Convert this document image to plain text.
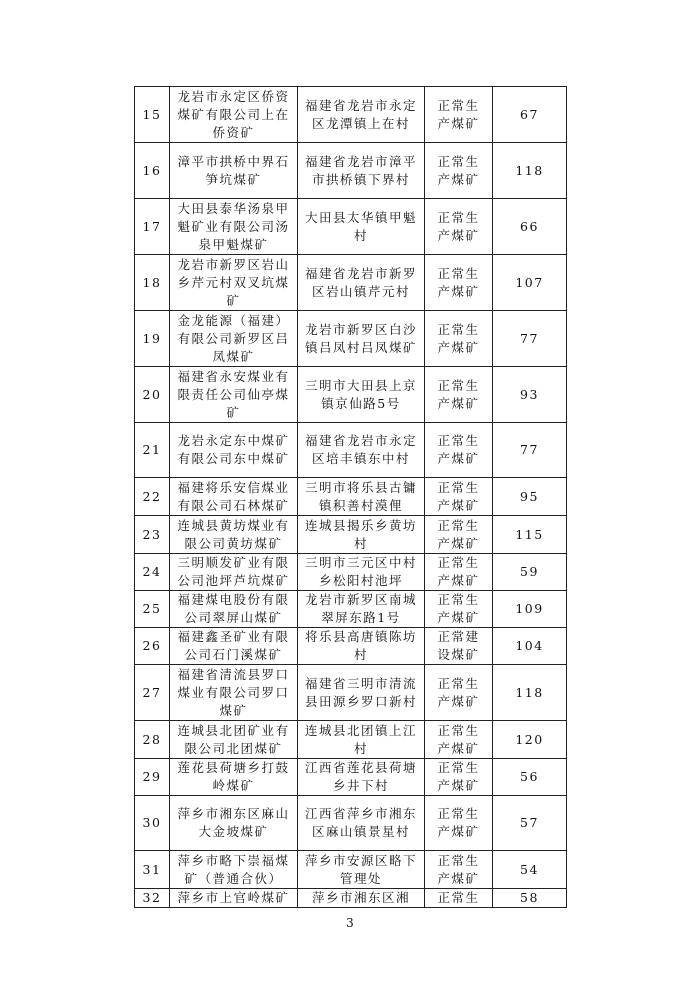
15	龙岩市永定区侨资煤矿有限公司上在侨资矿	福建省龙岩市永定区龙潭镇上在村	正常生产煤矿	67
16	漳平市拱桥中界石笋坑煤矿	福建省龙岩市漳平市拱桥镇下界村	正常生产煤矿	118
17	大田县泰华汤泉甲魁矿业有限公司汤泉甲魁煤矿	大田县太华镇甲魁村	正常生产煤矿	66
18	龙岩市新罗区岩山乡芹元村双叉坑煤矿	福建省龙岩市新罗区岩山镇芹元村	正常生产煤矿	107
19	金龙能源（福建）有限公司新罗区吕凤煤矿	龙岩市新罗区白沙镇吕凤村吕凤煤矿	正常生产煤矿	77
20	福建省永安煤业有限责任公司仙亭煤矿	三明市大田县上京镇京仙路5号	正常生产煤矿	93
21	龙岩永定东中煤矿有限公司东中煤矿	福建省龙岩市永定区培丰镇东中村	正常生产煤矿	77
22	福建将乐安信煤业有限公司石林煤矿	三明市将乐县古镛镇积善村漠俚	正常生产煤矿	95
23	连城县黄坊煤业有限公司黄坊煤矿	连城县揭乐乡黄坊村	正常生产煤矿	115
24	三明顺发矿业有限公司池坪芦坑煤矿	三明市三元区中村乡松阳村池坪	正常生产煤矿	59
25	福建煤电股份有限公司翠屏山煤矿	龙岩市新罗区南城翠屏东路1号	正常生产煤矿	109
26	福建鑫圣矿业有限公司石门溪煤矿	将乐县高唐镇陈坊村	正常建设煤矿	104
27	福建省清流县罗口煤业有限公司罗口煤矿	福建省三明市清流县田源乡罗口新村	正常生产煤矿	118
28	连城县北团矿业有限公司北团煤矿	连城县北团镇上江村	正常生产煤矿	120
29	莲花县荷塘乡打鼓岭煤矿	江西省莲花县荷塘乡井下村	正常生产煤矿	56
30	萍乡市湘东区麻山大金坡煤矿	江西省萍乡市湘东区麻山镇景星村	正常生产煤矿	57
31	萍乡市略下崇福煤矿（普通合伙）	萍乡市安源区略下管理处	正常生产煤矿	54
32	萍乡市上官岭煤矿	萍乡市湘东区湘	正常生	58
3
